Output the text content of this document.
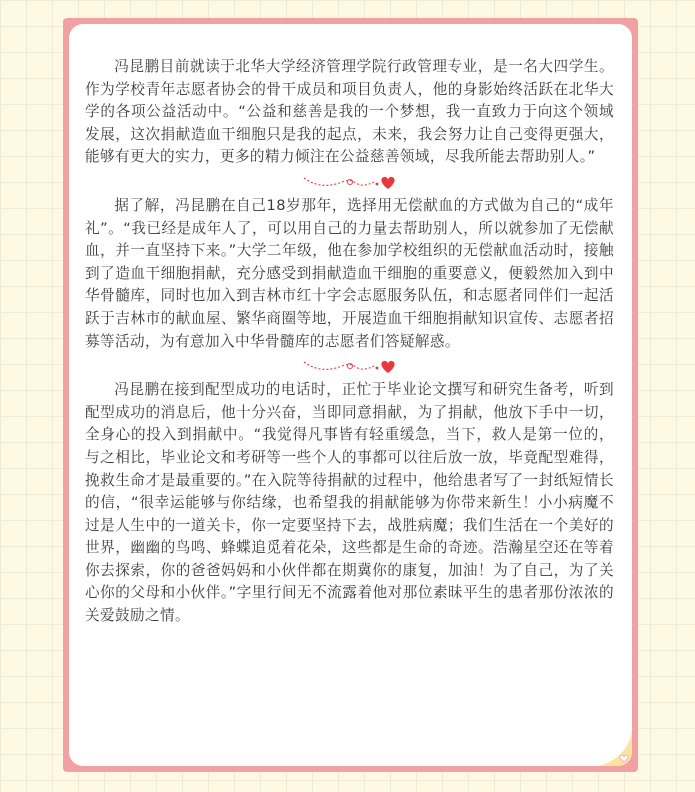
冯昆鹏目前就读于北华大学经济管理学院行政管理专业，是一名大四学生。作为学校青年志愿者协会的骨干成员和项目负责人，他的身影始终活跃在北华大学的各项公益活动中。“公益和慈善是我的一个梦想，我一直致力于向这个领域发展，这次捐献造血干细胞只是我的起点，未来，我会努力让自己变得更强大，能够有更大的实力，更多的精力倾注在公益慈善领域，尽我所能去帮助别人。”

据了解，冯昆鹏在自己18岁那年，选择用无偿献血的方式做为自己的“成年礼”。“我已经是成年人了，可以用自己的力量去帮助别人，所以就参加了无偿献血，并一直坚持下来。”大学二年级，他在参加学校组织的无偿献血活动时，接触到了造血干细胞捐献，充分感受到捐献造血干细胞的重要意义，便毅然加入到中华骨髓库，同时也加入到吉林市红十字会志愿服务队伍，和志愿者同伴们一起活跃于吉林市的献血屋、繁华商圈等地，开展造血干细胞捐献知识宣传、志愿者招募等活动，为有意加入中华骨髓库的志愿者们答疑解惑。

冯昆鹏在接到配型成功的电话时，正忙于毕业论文撰写和研究生备考，听到配型成功的消息后，他十分兴奋，当即同意捐献，为了捐献，他放下手中一切，全身心的投入到捐献中。“我觉得凡事皆有轻重缓急，当下，救人是第一位的，与之相比，毕业论文和考研等一些个人的事都可以往后放一放，毕竟配型难得，挽救生命才是最重要的。”在入院等待捐献的过程中，他给患者写了一封纸短情长的信，“很幸运能够与你结缘，也希望我的捐献能够为你带来新生！小小病魔不过是人生中的一道关卡，你一定要坚持下去，战胜病魔；我们生活在一个美好的世界，幽幽的鸟鸣、蜂蝶追觅着花朵，这些都是生命的奇迹。浩瀚星空还在等着你去探索，你的爸爸妈妈和小伙伴都在期冀你的康复，加油！为了自己，为了关心你的父母和小伙伴。”字里行间无不流露着他对那位素昧平生的患者那份浓浓的关爱鼓励之情。
